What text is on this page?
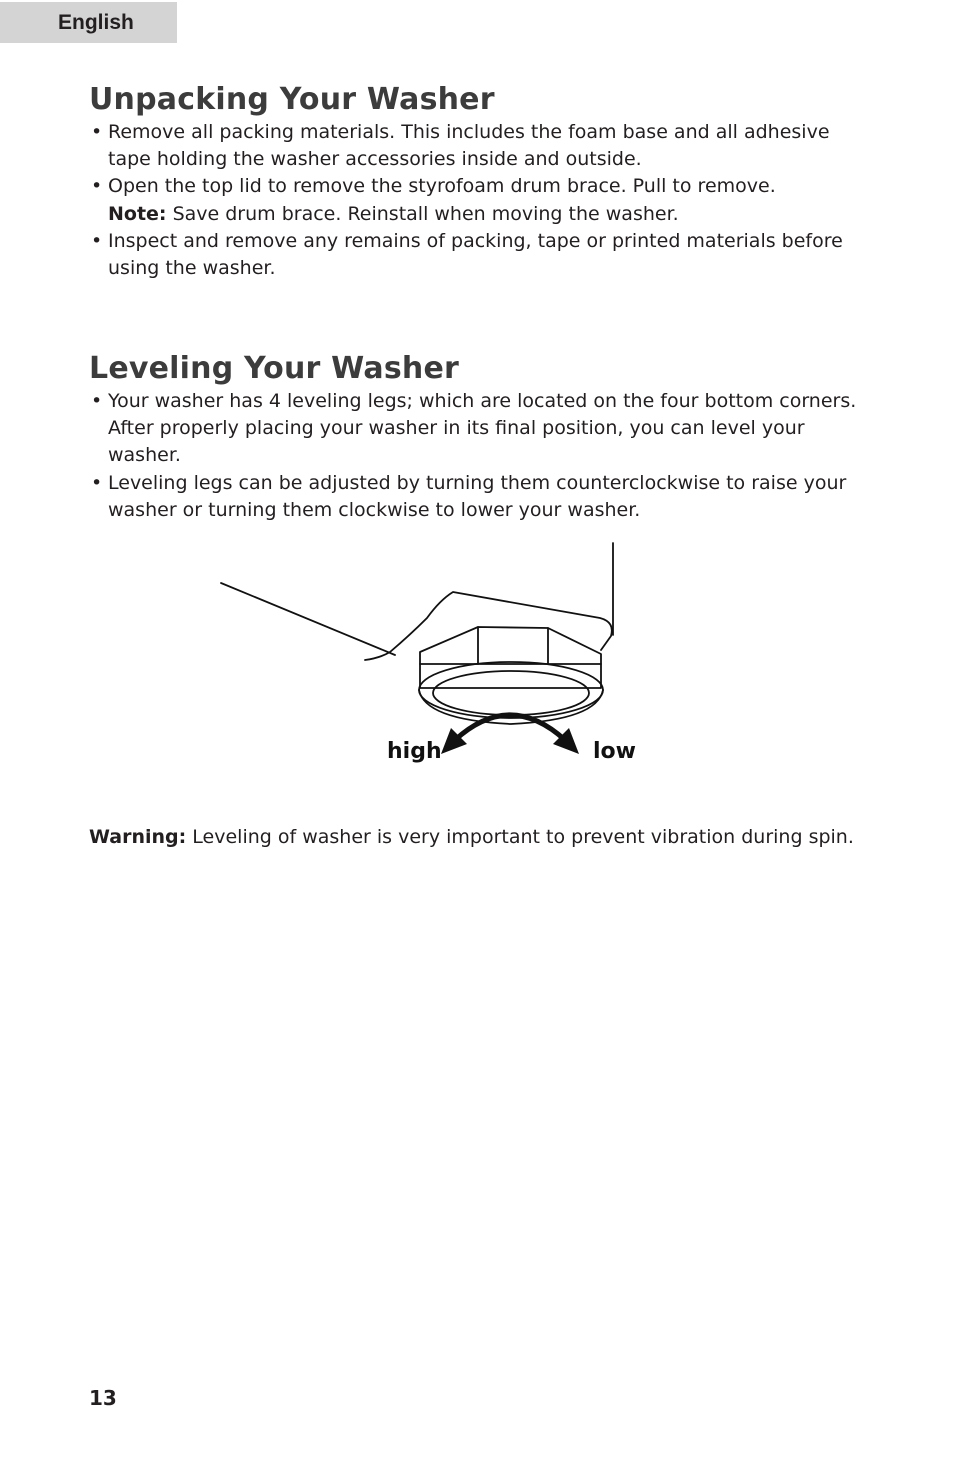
English
Unpacking Your Washer
• Remove all packing materials. This includes the foam base and all adhesive tape holding the washer accessories inside and outside.
• Open the top lid to remove the styrofoam drum brace. Pull to remove.
Note: Save drum brace. Reinstall when moving the washer.
• Inspect and remove any remains of packing, tape or printed materials before using the washer.
Leveling Your Washer
• Your washer has 4 leveling legs; which are located on the four bottom corners. After properly placing your washer in its final position, you can level your washer.
• Leveling legs can be adjusted by turning them counterclockwise to raise your washer or turning them clockwise to lower your washer.
high	low
Warning: Leveling of washer is very important to prevent vibration during spin.
13
